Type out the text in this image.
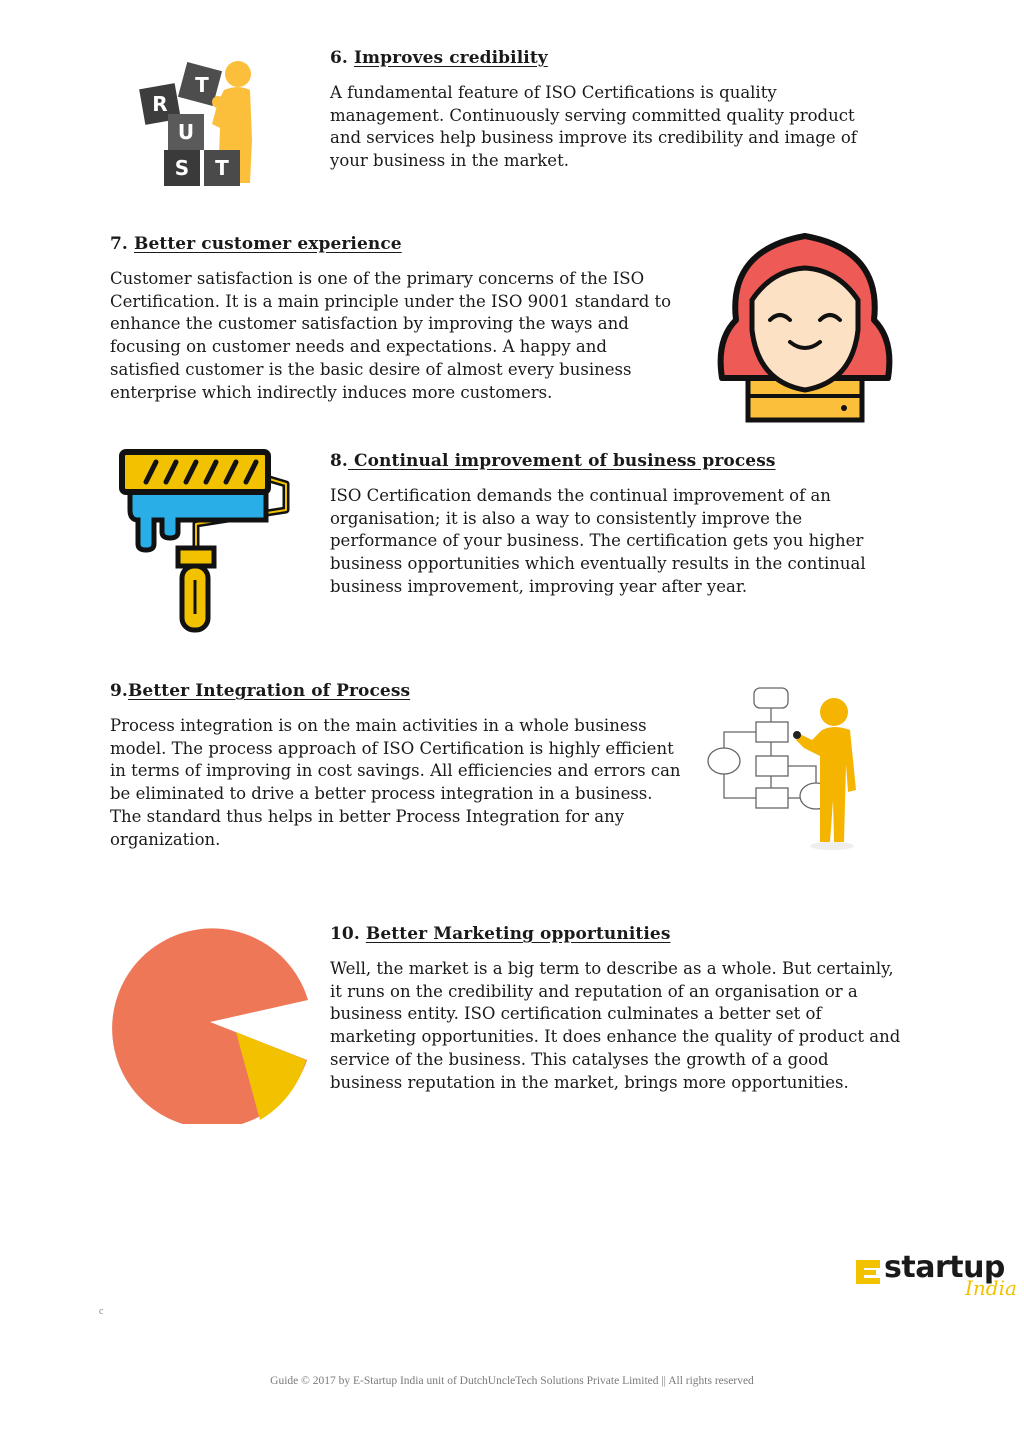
R
T
U
S T

6. Improves credibility

A fundamental feature of ISO Certifications is quality management. Continuously serving committed quality product and services help business improve its credibility and image of your business in the market.

7. Better customer experience

Customer satisfaction is one of the primary concerns of the ISO Certification. It is a main principle under the ISO 9001 standard to enhance the customer satisfaction by improving the ways and focusing on customer needs and expectations. A happy and satisfied customer is the basic desire of almost every business enterprise which indirectly induces more customers.

8. Continual improvement of business process

ISO Certification demands the continual improvement of an organisation; it is also a way to consistently improve the performance of your business. The certification gets you higher business opportunities which eventually results in the continual business improvement, improving year after year.

9.Better Integration of Process

Process integration is on the main activities in a whole business model. The process approach of ISO Certification is highly efficient in terms of improving in cost savings. All efficiencies and errors can be eliminated to drive a better process integration in a business. The standard thus helps in better Process Integration for any organization.

10. Better Marketing opportunities

Well, the market is a big term to describe as a whole. But certainly, it runs on the credibility and reputation of an organisation or a business entity. ISO certification culminates a better set of marketing opportunities. It does enhance the quality of product and service of the business. This catalyses the growth of a good business reputation in the market, brings more opportunities.

startup
India
c
Guide © 2017 by E-Startup India unit of DutchUncleTech Solutions Private Limited || All rights reserved
